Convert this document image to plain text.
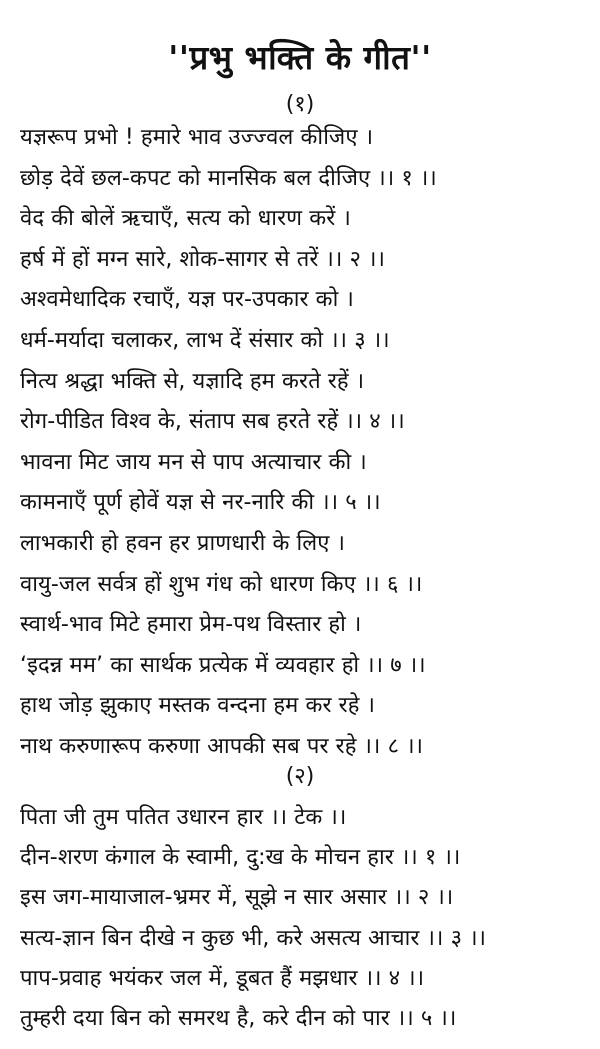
''प्रभु भक्ति के गीत''
(१)
यज्ञरूप प्रभो ! हमारे भाव उज्ज्वल कीजिए ।
छोड़ देवें छल-कपट को मानसिक बल दीजिए ।। १ ।।
वेद की बोलें ऋचाएँ, सत्य को धारण करें ।
हर्ष में हों मग्न सारे, शोक-सागर से तरें ।। २ ।।
अश्वमेधादिक रचाएँ, यज्ञ पर-उपकार को ।
धर्म-मर्यादा चलाकर, लाभ दें संसार को ।। ३ ।।
नित्य श्रद्धा भक्ति से, यज्ञादि हम करते रहें ।
रोग-पीडित विश्व के, संताप सब हरते रहें ।। ४ ।।
भावना मिट जाय मन से पाप अत्याचार की ।
कामनाएँ पूर्ण होवें यज्ञ से नर-नारि की ।। ५ ।।
लाभकारी हो हवन हर प्राणधारी के लिए ।
वायु-जल सर्वत्र हों शुभ गंध को धारण किए ।। ६ ।।
स्वार्थ-भाव मिटे हमारा प्रेम-पथ विस्तार हो ।
‘इदन्न मम’ का सार्थक प्रत्येक में व्यवहार हो ।। ७ ।।
हाथ जोड़ झुकाए मस्तक वन्दना हम कर रहे ।
नाथ करुणारूप करुणा आपकी सब पर रहे ।। ८ ।।
(२)
पिता जी तुम पतित उधारन हार ।। टेक ।।
दीन-शरण कंगाल के स्वामी, दु:ख के मोचन हार ।। १ ।।
इस जग-मायाजाल-भ्रमर में, सूझे न सार असार ।। २ ।।
सत्य-ज्ञान बिन दीखे न कुछ भी, करे असत्य आचार ।। ३ ।।
पाप-प्रवाह भयंकर जल में, डूबत हैं मझधार ।। ४ ।।
तुम्हरी दया बिन को समरथ है, करे दीन को पार ।। ५ ।।
